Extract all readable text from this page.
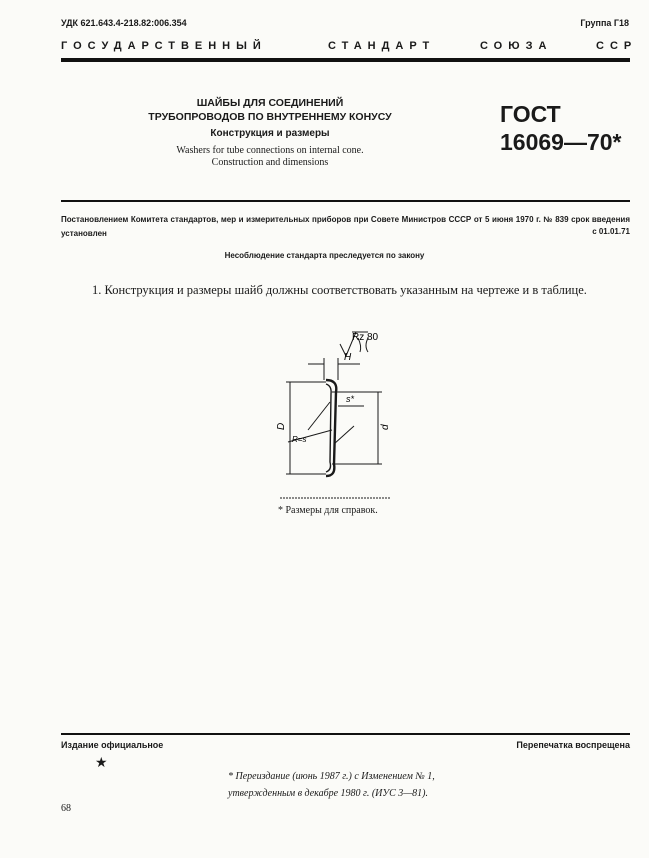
УДК 621.643.4-218.82:006.354	Группа Г18
ГОСУДАРСТВЕННЫЙ	СТАНДАРТ	СОЮЗА	ССР
ШАЙБЫ ДЛЯ СОЕДИНЕНИЙ
ТРУБОПРОВОДОВ ПО ВНУТРЕННЕМУ КОНУСУ
Конструкция и размеры
Washers for tube connections on internal cone.
Construction and dimensions
ГОСТ
16069—70*
Постановлением Комитета стандартов, мер и измерительных приборов при Совете Министров СССР от 5 июня 1970 г. № 839 срок введения установлен	с 01.01.71
Несоблюдение стандарта преследуется по закону
1. Конструкция и размеры шайб должны соответствовать указанным на чертеже и в таблице.
Rz 80
H
D	d
s*
R=s
* Размеры для справок.
Издание официальное	Перепечатка воспрещена
★
* Переиздание (июнь 1987 г.) с Изменением № 1,
утвержденным в декабре 1980 г. (ИУС 3—81).
68
